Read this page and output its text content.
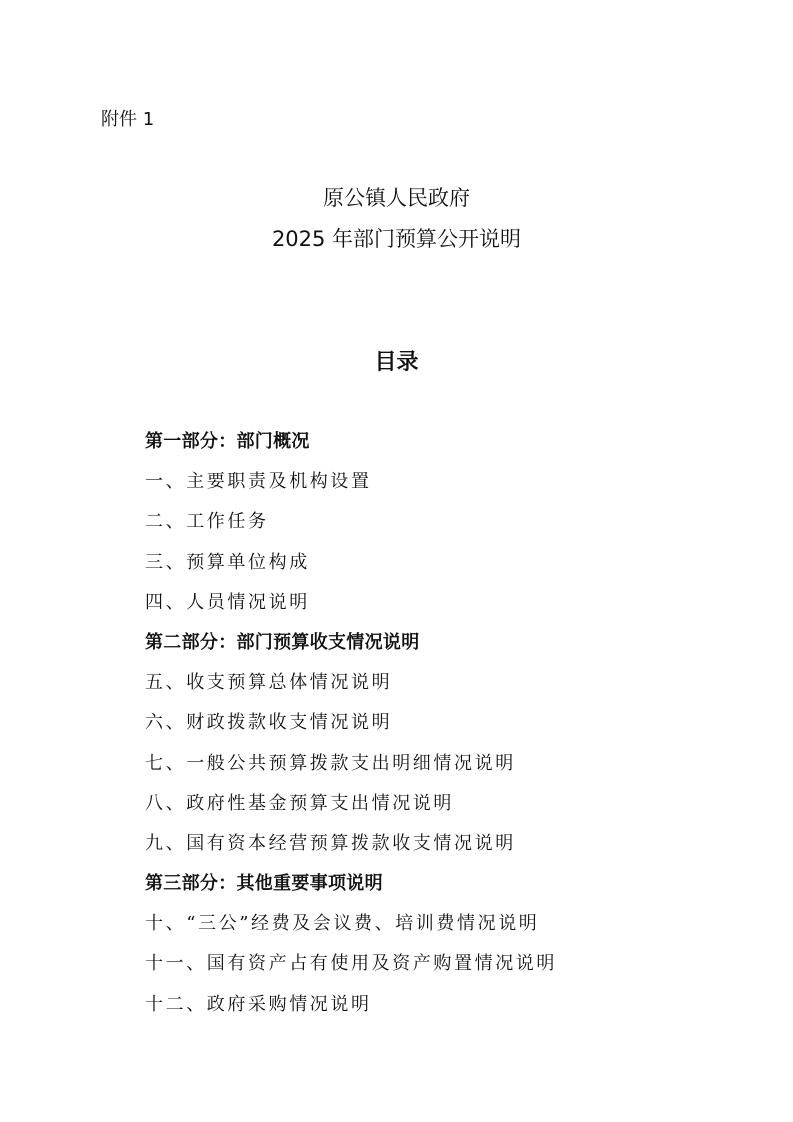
附件 1
原公镇人民政府
2025 年部门预算公开说明
目录
第一部分：部门概况
一、主要职责及机构设置
二、工作任务
三、预算单位构成
四、人员情况说明
第二部分：部门预算收支情况说明
五、收支预算总体情况说明
六、财政拨款收支情况说明
七、一般公共预算拨款支出明细情况说明
八、政府性基金预算支出情况说明
九、国有资本经营预算拨款收支情况说明
第三部分：其他重要事项说明
十、“三公”经费及会议费、培训费情况说明
十一、国有资产占有使用及资产购置情况说明
十二、政府采购情况说明
